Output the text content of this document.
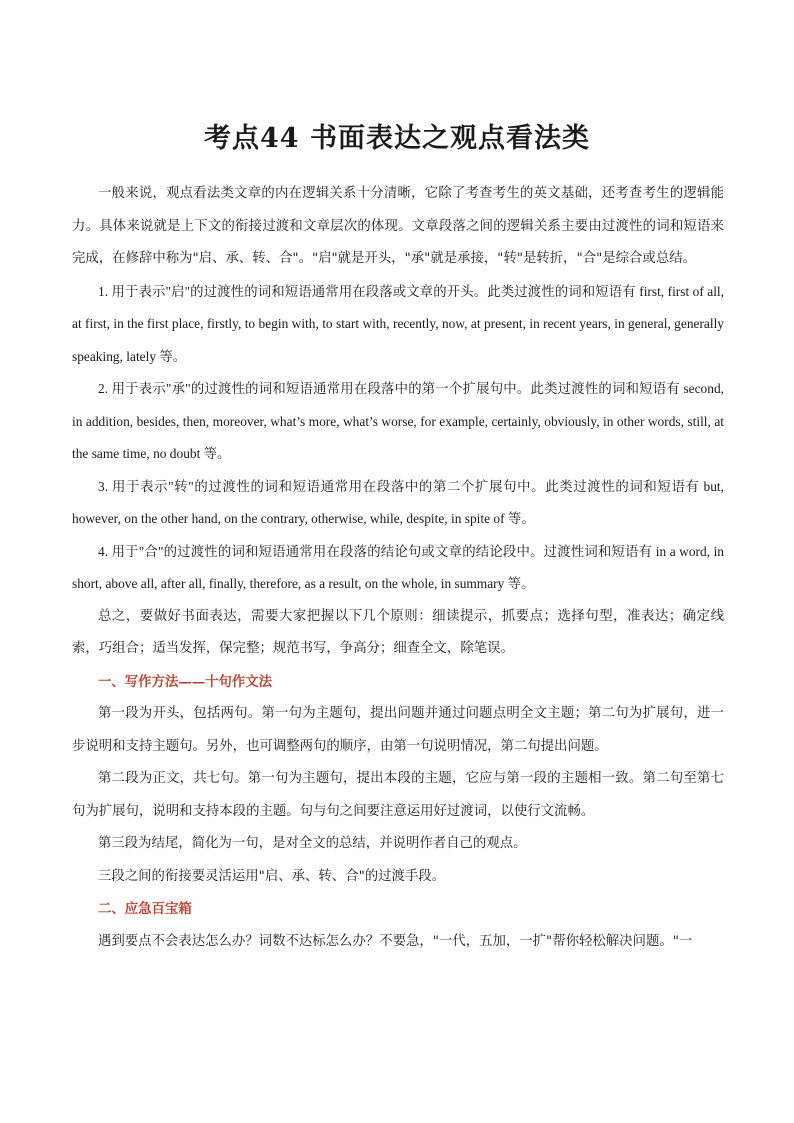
考点44 书面表达之观点看法类

一般来说，观点看法类文章的内在逻辑关系十分清晰，它除了考查考生的英文基础，还考查考生的逻辑能力。具体来说就是上下文的衔接过渡和文章层次的体现。文章段落之间的逻辑关系主要由过渡性的词和短语来完成，在修辞中称为"启、承、转、合"。"启"就是开头，"承"就是承接，"转"是转折，"合"是综合或总结。

1. 用于表示"启"的过渡性的词和短语通常用在段落或文章的开头。此类过渡性的词和短语有 first, first of all, at first, in the first place, firstly, to begin with, to start with, recently, now, at present, in recent years, in general, generally speaking, lately 等。

2. 用于表示"承"的过渡性的词和短语通常用在段落中的第一个扩展句中。此类过渡性的词和短语有 second, in addition, besides, then, moreover, what’s more, what’s worse, for example, certainly, obviously, in other words, still, at the same time, no doubt 等。

3. 用于表示"转"的过渡性的词和短语通常用在段落中的第二个扩展句中。此类过渡性的词和短语有 but, however, on the other hand, on the contrary, otherwise, while, despite, in spite of 等。

4. 用于"合"的过渡性的词和短语通常用在段落的结论句或文章的结论段中。过渡性词和短语有 in a word, in short, above all, after all, finally, therefore, as a result, on the whole, in summary 等。

总之，要做好书面表达，需要大家把握以下几个原则：细读提示，抓要点；选择句型，准表达；确定线索，巧组合；适当发挥，保完整；规范书写，争高分；细查全文，除笔误。

一、写作方法——十句作文法

第一段为开头，包括两句。第一句为主题句，提出问题并通过问题点明全文主题；第二句为扩展句，进一步说明和支持主题句。另外，也可调整两句的顺序，由第一句说明情况，第二句提出问题。

第二段为正文，共七句。第一句为主题句，提出本段的主题，它应与第一段的主题相一致。第二句至第七句为扩展句，说明和支持本段的主题。句与句之间要注意运用好过渡词，以使行文流畅。

第三段为结尾，简化为一句，是对全文的总结，并说明作者自己的观点。

三段之间的衔接要灵活运用"启、承、转、合"的过渡手段。

二、应急百宝箱

遇到要点不会表达怎么办？词数不达标怎么办？不要急，"一代，五加，一扩"帮你轻松解决问题。"一
